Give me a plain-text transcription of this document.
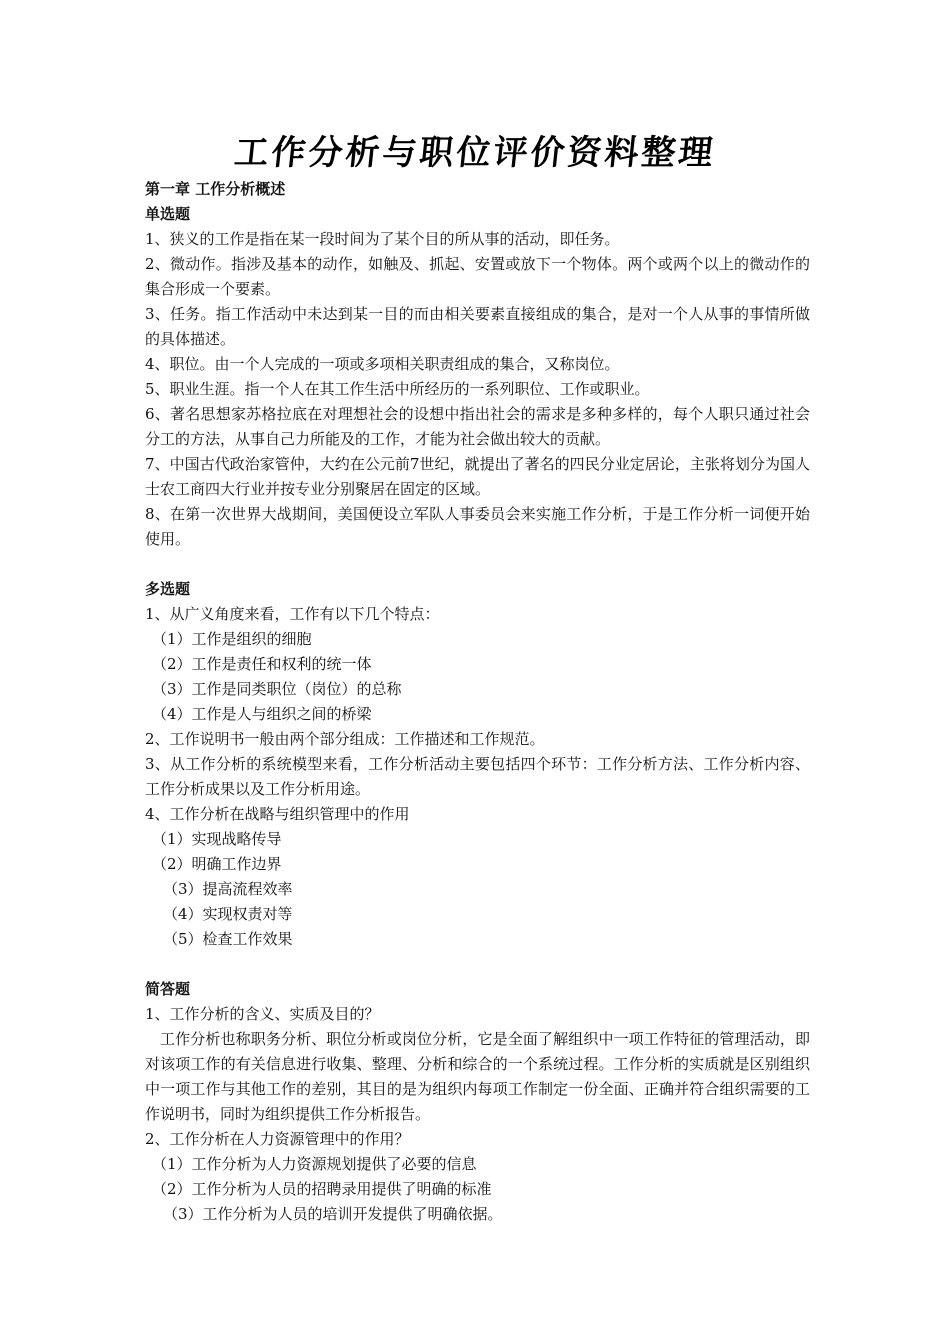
工作分析与职位评价资料整理
第一章 工作分析概述
单选题
1、狭义的工作是指在某一段时间为了某个目的所从事的活动，即任务。
2、微动作。指涉及基本的动作，如触及、抓起、安置或放下一个物体。两个或两个以上的微动作的集合形成一个要素。
3、任务。指工作活动中未达到某一目的而由相关要素直接组成的集合，是对一个人从事的事情所做的具体描述。
4、职位。由一个人完成的一项或多项相关职责组成的集合，又称岗位。
5、职业生涯。指一个人在其工作生活中所经历的一系列职位、工作或职业。
6、著名思想家苏格拉底在对理想社会的设想中指出社会的需求是多种多样的，每个人职只通过社会分工的方法，从事自己力所能及的工作，才能为社会做出较大的贡献。
7、中国古代政治家管仲，大约在公元前7世纪，就提出了著名的四民分业定居论，主张将划分为国人士农工商四大行业并按专业分别聚居在固定的区域。
8、在第一次世界大战期间，美国便设立军队人事委员会来实施工作分析，于是工作分析一词便开始使用。
多选题
1、从广义角度来看，工作有以下几个特点：
（1）工作是组织的细胞
（2）工作是责任和权利的统一体
（3）工作是同类职位（岗位）的总称
（4）工作是人与组织之间的桥梁
2、工作说明书一般由两个部分组成：工作描述和工作规范。
3、从工作分析的系统模型来看，工作分析活动主要包括四个环节：工作分析方法、工作分析内容、工作分析成果以及工作分析用途。
4、工作分析在战略与组织管理中的作用
（1）实现战略传导
（2）明确工作边界
（3）提高流程效率
（4）实现权责对等
（5）检查工作效果
简答题
1、工作分析的含义、实质及目的？
工作分析也称职务分析、职位分析或岗位分析，它是全面了解组织中一项工作特征的管理活动，即对该项工作的有关信息进行收集、整理、分析和综合的一个系统过程。工作分析的实质就是区别组织中一项工作与其他工作的差别，其目的是为组织内每项工作制定一份全面、正确并符合组织需要的工作说明书，同时为组织提供工作分析报告。
2、工作分析在人力资源管理中的作用？
（1）工作分析为人力资源规划提供了必要的信息
（2）工作分析为人员的招聘录用提供了明确的标准
（3）工作分析为人员的培训开发提供了明确依据。
